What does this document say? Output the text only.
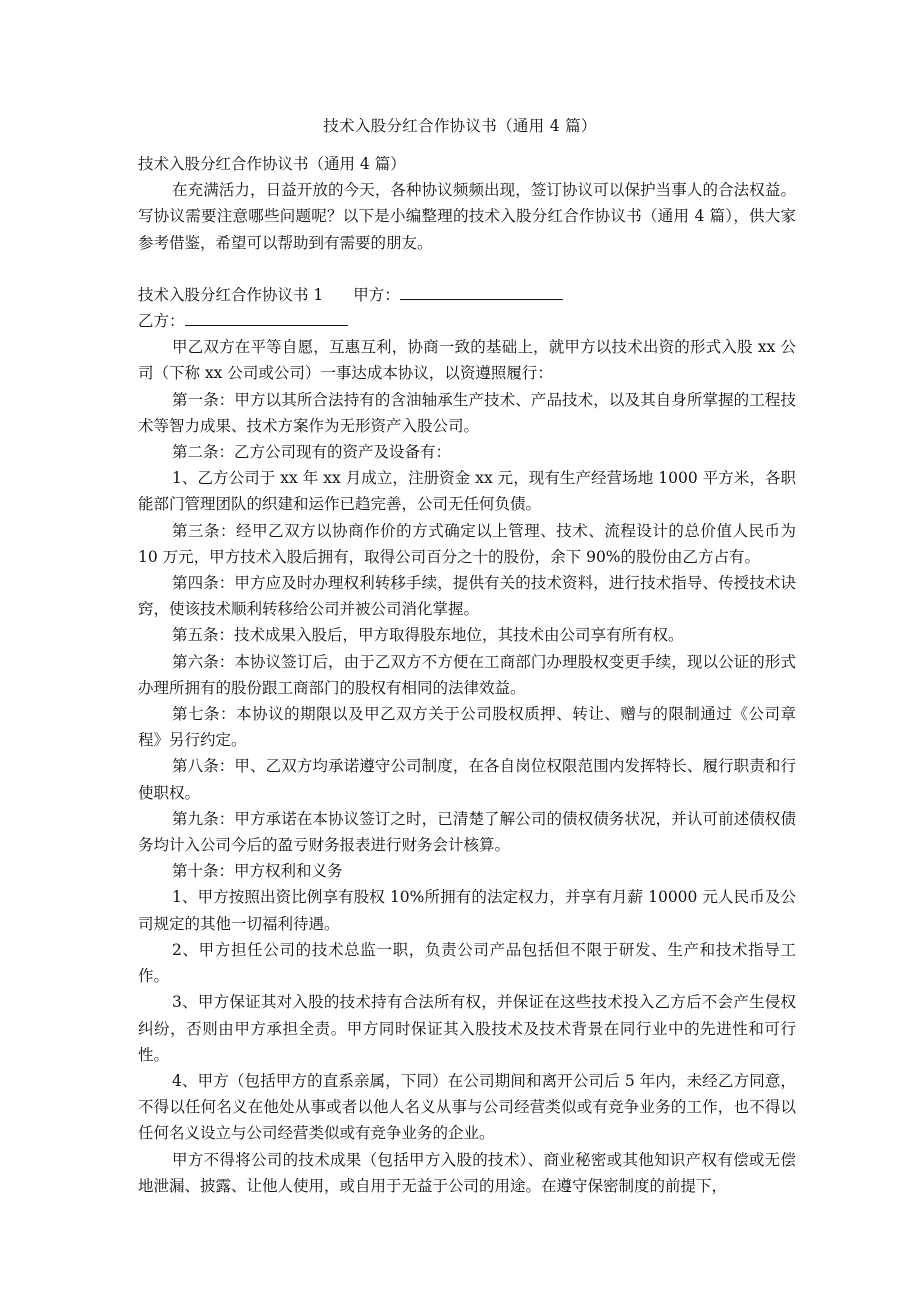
技术入股分红合作协议书（通用 4 篇）

技术入股分红合作协议书（通用 4 篇）

在充满活力，日益开放的今天，各种协议频频出现，签订协议可以保护当事人的合法权益。写协议需要注意哪些问题呢？以下是小编整理的技术入股分红合作协议书（通用 4 篇），供大家参考借鉴，希望可以帮助到有需要的朋友。

技术入股分红合作协议书 1 甲方：

乙方：

甲乙双方在平等自愿，互惠互利，协商一致的基础上，就甲方以技术出资的形式入股 xx 公司（下称 xx 公司或公司）一事达成本协议，以资遵照履行：

第一条：甲方以其所合法持有的含油轴承生产技术、产品技术，以及其自身所掌握的工程技术等智力成果、技术方案作为无形资产入股公司。

第二条：乙方公司现有的资产及设备有：

1、乙方公司于 xx 年 xx 月成立，注册资金 xx 元，现有生产经营场地 1000 平方米，各职能部门管理团队的织建和运作已趋完善，公司无任何负债。

第三条：经甲乙双方以协商作价的方式确定以上管理、技术、流程设计的总价值人民币为 10 万元，甲方技术入股后拥有，取得公司百分之十的股份，余下 90%的股份由乙方占有。

第四条：甲方应及时办理权利转移手续，提供有关的技术资料，进行技术指导、传授技术诀窍，使该技术顺利转移给公司并被公司消化掌握。

第五条：技术成果入股后，甲方取得股东地位，其技术由公司享有所有权。

第六条：本协议签订后，由于乙双方不方便在工商部门办理股权变更手续，现以公证的形式办理所拥有的股份跟工商部门的股权有相同的法律效益。

第七条：本协议的期限以及甲乙双方关于公司股权质押、转让、赠与的限制通过《公司章程》另行约定。

第八条：甲、乙双方均承诺遵守公司制度，在各自岗位权限范围内发挥特长、履行职责和行使职权。

第九条：甲方承诺在本协议签订之时，已清楚了解公司的债权债务状况，并认可前述债权债务均计入公司今后的盈亏财务报表进行财务会计核算。

第十条：甲方权利和义务

1、甲方按照出资比例享有股权 10%所拥有的法定权力，并享有月薪 10000 元人民币及公司规定的其他一切福利待遇。

2、甲方担任公司的技术总监一职，负责公司产品包括但不限于研发、生产和技术指导工作。

3、甲方保证其对入股的技术持有合法所有权，并保证在这些技术投入乙方后不会产生侵权纠纷，否则由甲方承担全责。甲方同时保证其入股技术及技术背景在同行业中的先进性和可行性。

4、甲方（包括甲方的直系亲属，下同）在公司期间和离开公司后 5 年内，未经乙方同意，不得以任何名义在他处从事或者以他人名义从事与公司经营类似或有竞争业务的工作，也不得以任何名义设立与公司经营类似或有竞争业务的企业。

甲方不得将公司的技术成果（包括甲方入股的技术）、商业秘密或其他知识产权有偿或无偿地泄漏、披露、让他人使用，或自用于无益于公司的用途。在遵守保密制度的前提下，
